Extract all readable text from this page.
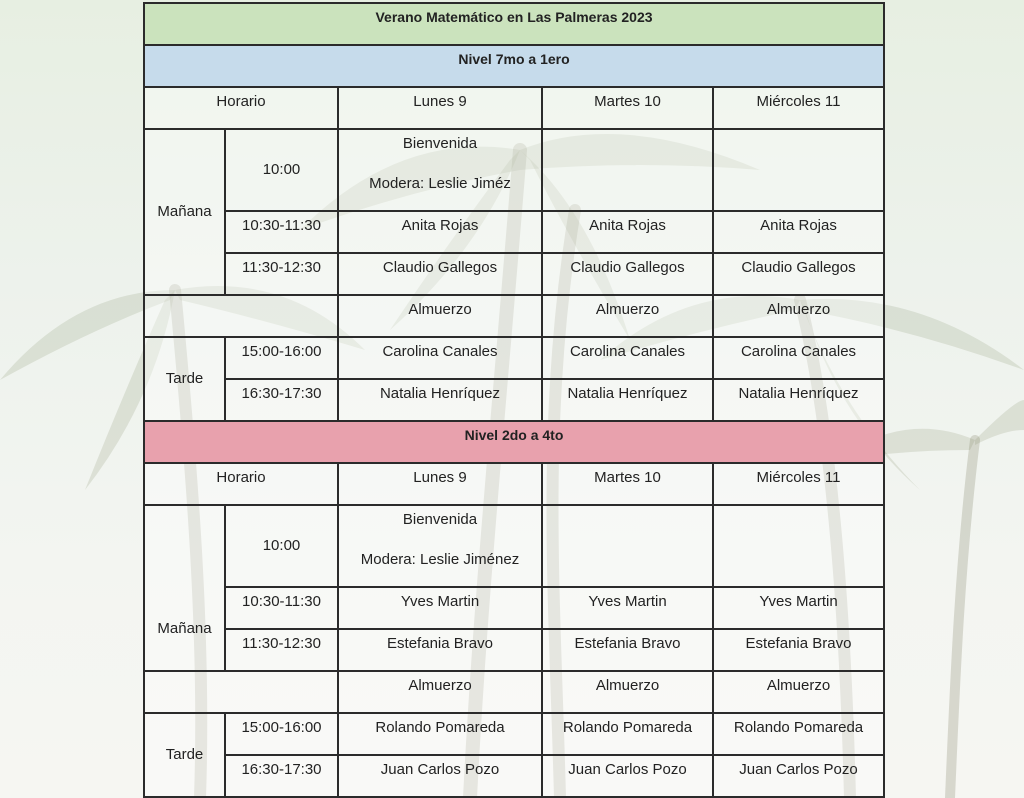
Verano Matemático en Las Palmeras 2023				
Nivel 7mo a 1ero				
Horario		Lunes 9	Martes 10	Miércoles 11
Mañana	10:00	Bienvenida
Modera: Leslie Jiméz		

	10:30-11:30	Anita Rojas	Anita Rojas	Anita Rojas
	11:30-12:30	Claudio Gallegos	Claudio Gallegos	Claudio Gallegos
		Almuerzo	Almuerzo	Almuerzo
Tarde	15:00-16:00	Carolina Canales	Carolina Canales	Carolina Canales
	16:30-17:30	Natalia Henríquez	Natalia Henríquez	Natalia Henríquez
Nivel 2do a 4to				
Horario		Lunes 9	Martes 10	Miércoles 11
	10:00	Bienvenida
Modera: Leslie Jiménez		

Mañana	10:30-11:30	Yves Martin	Yves Martin	Yves Martin
	11:30-12:30	Estefania Bravo	Estefania Bravo	Estefania Bravo
		Almuerzo	Almuerzo	Almuerzo
Tarde	15:00-16:00	Rolando Pomareda	Rolando Pomareda	Rolando Pomareda
	16:30-17:30	Juan Carlos Pozo	Juan Carlos Pozo	Juan Carlos Pozo
